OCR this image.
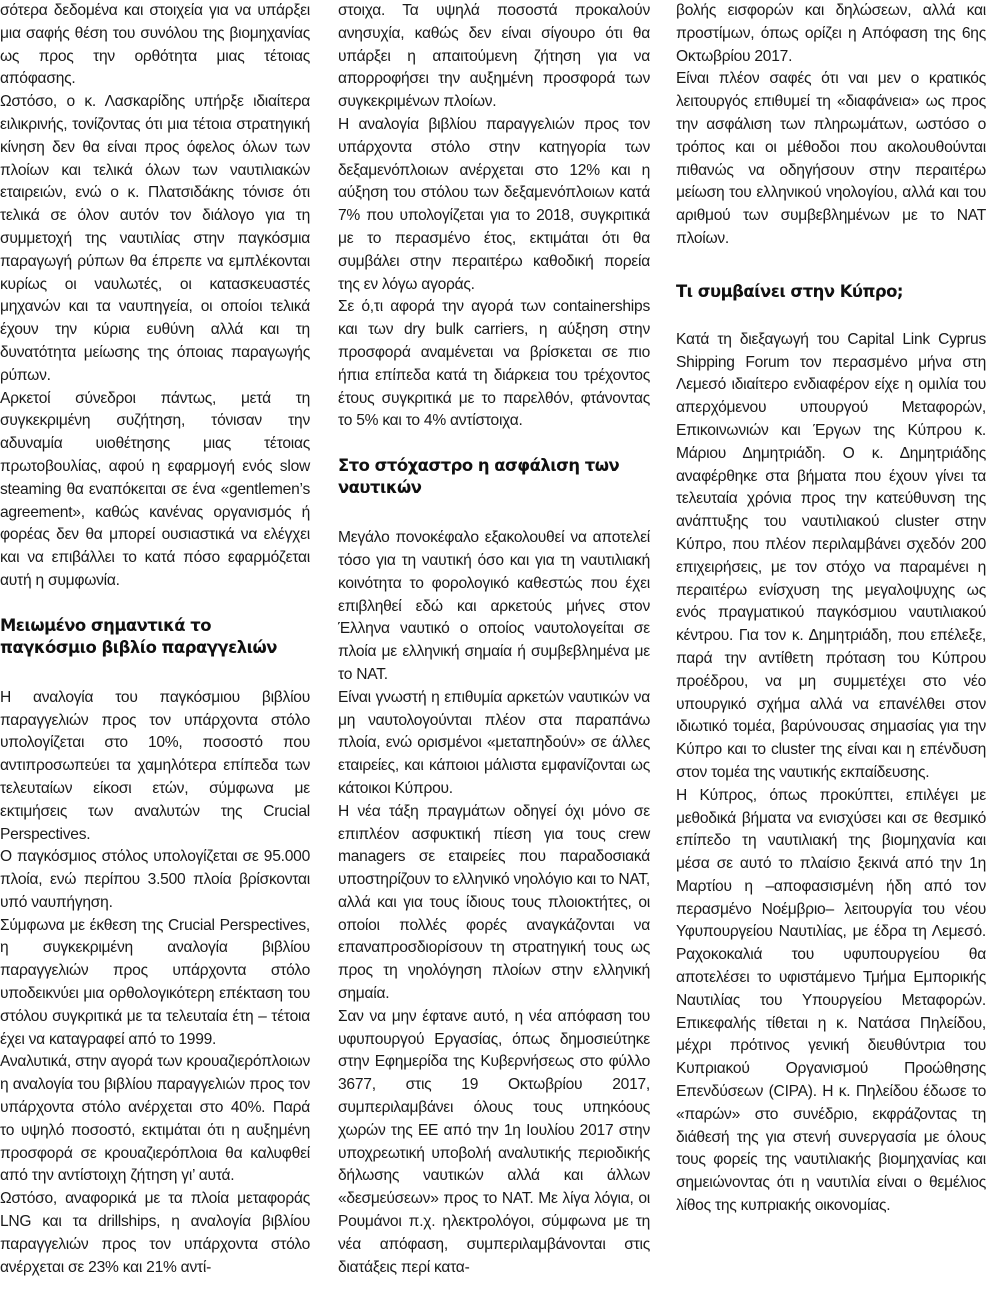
σότερα δεδομένα και στοιχεία για να υπάρξει μια σαφής θέση του συνόλου της βιομηχανίας ως προς την ορθότητα μιας τέτοιας απόφασης.

Ωστόσο, ο κ. Λασκαρίδης υπήρξε ιδιαίτερα ειλικρινής, τονίζοντας ότι μια τέτοια στρατηγική κίνηση δεν θα είναι προς όφελος όλων των πλοίων και τελικά όλων των ναυτιλιακών εταιρειών, ενώ ο κ. Πλατσιδάκης τόνισε ότι τελικά σε όλον αυτόν τον διάλογο για τη συμμετοχή της ναυτιλίας στην παγκόσμια παραγωγή ρύπων θα έπρεπε να εμπλέκονται κυρίως οι ναυλωτές, οι κατασκευαστές μηχανών και τα ναυπηγεία, οι οποίοι τελικά έχουν την κύρια ευθύνη αλλά και τη δυνατότητα μείωσης της όποιας παραγωγής ρύπων.

Αρκετοί σύνεδροι πάντως, μετά τη συγκεκριμένη συζήτηση, τόνισαν την αδυναμία υιοθέτησης μιας τέτοιας πρωτοβουλίας, αφού η εφαρμογή ενός slow steaming θα εναπόκειται σε ένα «gentlemen’s agreement», καθώς κανένας οργανισμός ή φορέας δεν θα μπορεί ουσιαστικά να ελέγχει και να επιβάλλει το κατά πόσο εφαρμόζεται αυτή η συμφωνία.

Μειωμένο σημαντικά το παγκόσμιο βιβλίο παραγγελιών

Η αναλογία του παγκόσμιου βιβλίου παραγγελιών προς τον υπάρχοντα στόλο υπολογίζεται στο 10%, ποσοστό που αντιπροσωπεύει τα χαμηλότερα επίπεδα των τελευταίων είκοσι ετών, σύμφωνα με εκτιμήσεις των αναλυτών της Crucial Perspectives.

Ο παγκόσμιος στόλος υπολογίζεται σε 95.000 πλοία, ενώ περίπου 3.500 πλοία βρίσκονται υπό ναυπήγηση.

Σύμφωνα με έκθεση της Crucial Perspectives, η συγκεκριμένη αναλογία βιβλίου παραγγελιών προς υπάρχοντα στόλο υποδεικνύει μια ορθολογικότερη επέκταση του στόλου συγκριτικά με τα τελευταία έτη – τέτοια έχει να καταγραφεί από το 1999.

Αναλυτικά, στην αγορά των κρουαζιερόπλοιων η αναλογία του βιβλίου παραγγελιών προς τον υπάρχοντα στόλο ανέρχεται στο 40%. Παρά το υψηλό ποσοστό, εκτιμάται ότι η αυξημένη προσφορά σε κρουαζιερόπλοια θα καλυφθεί από την αντίστοιχη ζήτηση γι’ αυτά.

Ωστόσο, αναφορικά με τα πλοία μεταφοράς LNG και τα drillships, η αναλογία βιβλίου παραγγελιών προς τον υπάρχοντα στόλο ανέρχεται σε 23% και 21% αντί-

στοιχα. Τα υψηλά ποσοστά προκαλούν ανησυχία, καθώς δεν είναι σίγουρο ότι θα υπάρξει η απαιτούμενη ζήτηση για να απορροφήσει την αυξημένη προσφορά των συγκεκριμένων πλοίων.

Η αναλογία βιβλίου παραγγελιών προς τον υπάρχοντα στόλο στην κατηγορία των δεξαμενόπλοιων ανέρχεται στο 12% και η αύξηση του στόλου των δεξαμενόπλοιων κατά 7% που υπολογίζεται για το 2018, συγκριτικά με το περασμένο έτος, εκτιμάται ότι θα συμβάλει στην περαιτέρω καθοδική πορεία της εν λόγω αγοράς.

Σε ό,τι αφορά την αγορά των containerships και των dry bulk carriers, η αύξηση στην προσφορά αναμένεται να βρίσκεται σε πιο ήπια επίπεδα κατά τη διάρκεια του τρέχοντος έτους συγκριτικά με το παρελθόν, φτάνοντας το 5% και το 4% αντίστοιχα.

Στο στόχαστρο η ασφάλιση των ναυτικών

Μεγάλο πονοκέφαλο εξακολουθεί να αποτελεί τόσο για τη ναυτική όσο και για τη ναυτιλιακή κοινότητα το φορολογικό καθεστώς που έχει επιβληθεί εδώ και αρκετούς μήνες στον Έλληνα ναυτικό ο οποίος ναυτολογείται σε πλοία με ελληνική σημαία ή συμβεβλημένα με το ΝΑΤ.

Είναι γνωστή η επιθυμία αρκετών ναυτικών να μη ναυτολογούνται πλέον στα παραπάνω πλοία, ενώ ορισμένοι «μεταπηδούν» σε άλλες εταιρείες, και κάποιοι μάλιστα εμφανίζονται ως κάτοικοι Κύπρου.

Η νέα τάξη πραγμάτων οδηγεί όχι μόνο σε επιπλέον ασφυκτική πίεση για τους crew managers σε εταιρείες που παραδοσιακά υποστηρίζουν το ελληνικό νηολόγιο και το ΝΑΤ, αλλά και για τους ίδιους τους πλοιοκτήτες, οι οποίοι πολλές φορές αναγκάζονται να επαναπροσδιορίσουν τη στρατηγική τους ως προς τη νηολόγηση πλοίων στην ελληνική σημαία.

Σαν να μην έφτανε αυτό, η νέα απόφαση του υφυπουργού Εργασίας, όπως δημοσιεύτηκε στην Εφημερίδα της Κυβερνήσεως στο φύλλο 3677, στις 19 Οκτωβρίου 2017, συμπεριλαμβάνει όλους τους υπηκόους χωρών της ΕΕ από την 1η Ιουλίου 2017 στην υποχρεωτική υποβολή αναλυτικής περιοδικής δήλωσης ναυτικών αλλά και άλλων «δεσμεύσεων» προς το ΝΑΤ. Με λίγα λόγια, οι Ρουμάνοι π.χ. ηλεκτρολόγοι, σύμφωνα με τη νέα απόφαση, συμπεριλαμβάνονται στις διατάξεις περί κατα-

βολής εισφορών και δηλώσεων, αλλά και προστίμων, όπως ορίζει η Απόφαση της 6ης Οκτωβρίου 2017.

Είναι πλέον σαφές ότι ναι μεν ο κρατικός λειτουργός επιθυμεί τη «διαφάνεια» ως προς την ασφάλιση των πληρωμάτων, ωστόσο ο τρόπος και οι μέθοδοι που ακολουθούνται πιθανώς να οδηγήσουν στην περαιτέρω μείωση του ελληνικού νηολογίου, αλλά και του αριθμού των συμβεβλημένων με το ΝΑΤ πλοίων.

Τι συμβαίνει στην Κύπρο;

Κατά τη διεξαγωγή του Capital Link Cyprus Shipping Forum τον περασμένο μήνα στη Λεμεσό ιδιαίτερο ενδιαφέρον είχε η ομιλία του απερχόμενου υπουργού Μεταφορών, Επικοινωνιών και Έργων της Κύπρου κ. Μάριου Δημητριάδη. Ο κ. Δημητριάδης αναφέρθηκε στα βήματα που έχουν γίνει τα τελευταία χρόνια προς την κατεύθυνση της ανάπτυξης του ναυτιλιακού cluster στην Κύπρο, που πλέον περιλαμβάνει σχεδόν 200 επιχειρήσεις, με τον στόχο να παραμένει η περαιτέρω ενίσχυση της μεγαλοψυχης ως ενός πραγματικού παγκόσμιου ναυτιλιακού κέντρου. Για τον κ. Δημητριάδη, που επέλεξε, παρά την αντίθετη πρόταση του Κύπρου προέδρου, να μη συμμετέχει στο νέο υπουργικό σχήμα αλλά να επανέλθει στον ιδιωτικό τομέα, βαρύνουσας σημασίας για την Κύπρο και το cluster της είναι και η επένδυση στον τομέα της ναυτικής εκπαίδευσης.

Η Κύπρος, όπως προκύπτει, επιλέγει με μεθοδικά βήματα να ενισχύσει και σε θεσμικό επίπεδο τη ναυτιλιακή της βιομηχανία και μέσα σε αυτό το πλαίσιο ξεκινά από την 1η Μαρτίου η –αποφασισμένη ήδη από τον περασμένο Νοέμβριο– λειτουργία του νέου Υφυπουργείου Ναυτιλίας, με έδρα τη Λεμεσό. Ραχοκοκαλιά του υφυπουργείου θα αποτελέσει το υφιστάμενο Τμήμα Εμπορικής Ναυτιλίας του Υπουργείου Μεταφορών. Επικεφαλής τίθεται η κ. Νατάσα Πηλείδου, μέχρι πρότινος γενική διευθύντρια του Κυπριακού Οργανισμού Προώθησης Επενδύσεων (CIPA). Η κ. Πηλείδου έδωσε το «παρών» στο συνέδριο, εκφράζοντας τη διάθεσή της για στενή συνεργασία με όλους τους φορείς της ναυτιλιακής βιομηχανίας και σημειώνοντας ότι η ναυτιλία είναι ο θεμέλιος λίθος της κυπριακής οικονομίας.
